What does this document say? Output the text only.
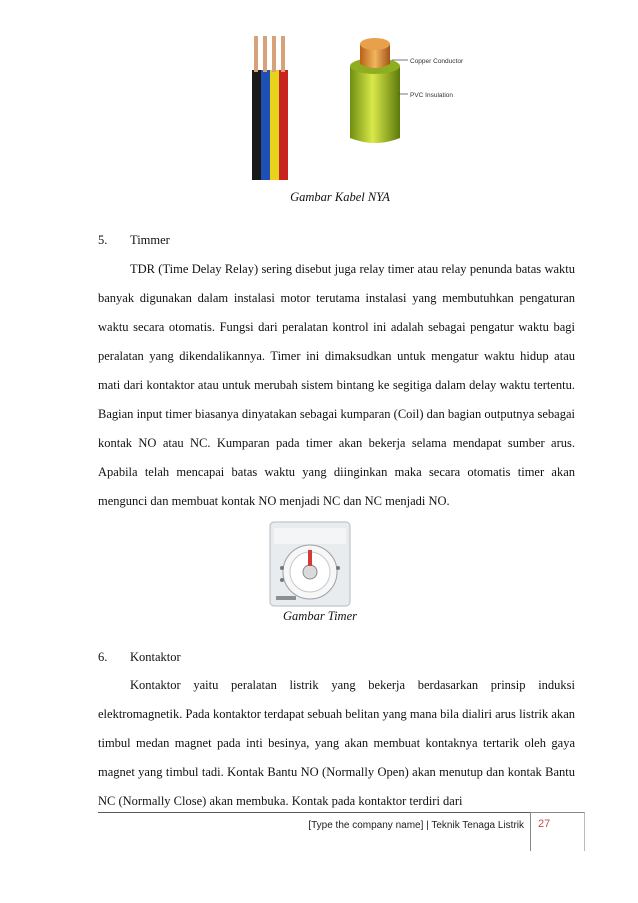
Copper Conductor
PVC Insulation
Gambar Kabel NYA
5. Timmer
TDR (Time Delay Relay) sering disebut juga relay timer atau relay penunda batas waktu banyak digunakan dalam instalasi motor terutama instalasi yang membutuhkan pengaturan waktu secara otomatis. Fungsi dari peralatan kontrol ini adalah sebagai pengatur waktu bagi peralatan yang dikendalikannya. Timer ini dimaksudkan untuk mengatur waktu hidup atau mati dari kontaktor atau untuk merubah sistem bintang ke segitiga dalam delay waktu tertentu. Bagian input timer biasanya dinyatakan sebagai kumparan (Coil) dan bagian outputnya sebagai kontak NO atau NC. Kumparan pada timer akan bekerja selama mendapat sumber arus. Apabila telah mencapai batas waktu yang diinginkan maka secara otomatis timer akan mengunci dan membuat kontak NO menjadi NC dan NC menjadi NO.
Gambar Timer
6. Kontaktor
Kontaktor yaitu peralatan listrik yang bekerja berdasarkan prinsip induksi elektromagnetik. Pada kontaktor terdapat sebuah belitan yang mana bila dialiri arus listrik akan timbul medan magnet pada inti besinya, yang akan membuat kontaknya tertarik oleh gaya magnet yang timbul tadi. Kontak Bantu NO (Normally Open) akan menutup dan kontak Bantu NC (Normally Close) akan membuka. Kontak pada kontaktor terdiri dari
[Type the company name] | Teknik Tenaga Listrik 27
